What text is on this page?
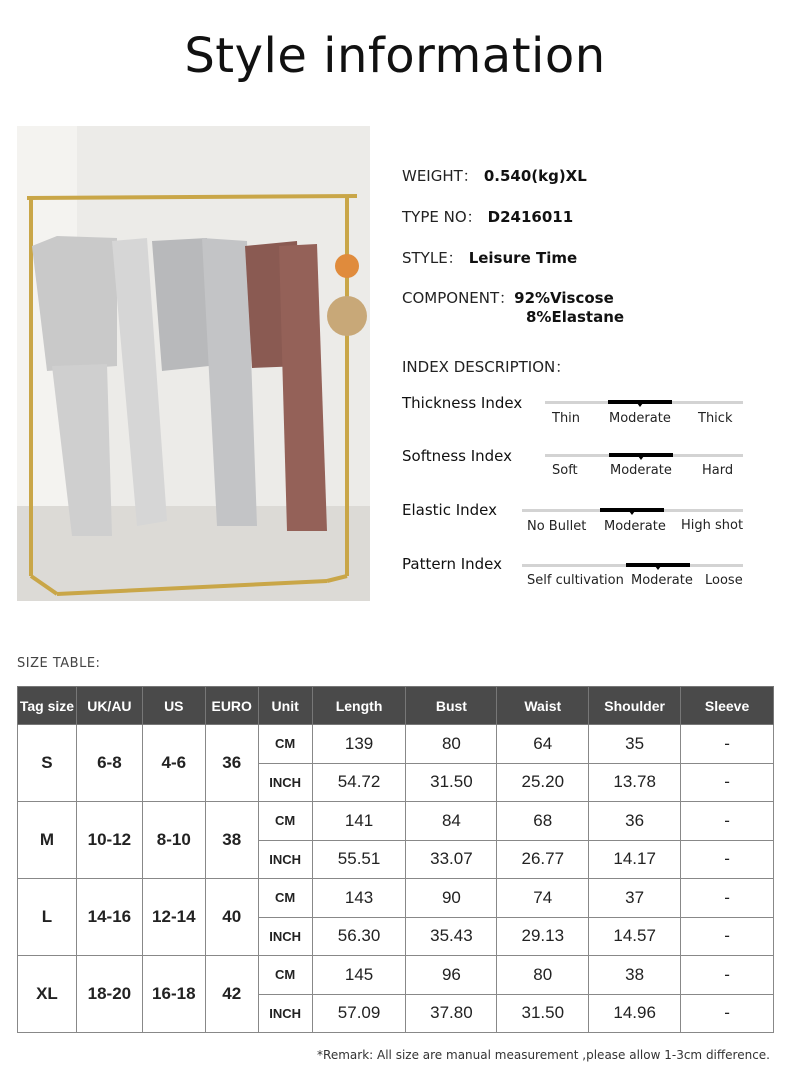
Style information
WEIGHT： 0.540(kg)XL
TYPE NO： D2416011
STYLE： Leisure Time
COMPONENT：92%Viscose
8%Elastane
INDEX DESCRIPTION：
Thickness Index
Thin Moderate Thick
Softness Index
Soft Moderate Hard
Elastic Index
No Bullet Moderate High shot
Pattern Index
Self cultivation Moderate Loose
SIZE TABLE:
Tag size	UK/AU	US	EURO	Unit	Length	Bust	Waist	Shoulder	Sleeve
S	6-8	4-6	36	CM	139	80	64	35	-
				INCH	54.72	31.50	25.20	13.78	-
M	10-12	8-10	38	CM	141	84	68	36	-
				INCH	55.51	33.07	26.77	14.17	-
L	14-16	12-14	40	CM	143	90	74	37	-
				INCH	56.30	35.43	29.13	14.57	-
XL	18-20	16-18	42	CM	145	96	80	38	-
				INCH	57.09	37.80	31.50	14.96	-
*Remark: All size are manual measurement ,please allow 1-3cm difference.
